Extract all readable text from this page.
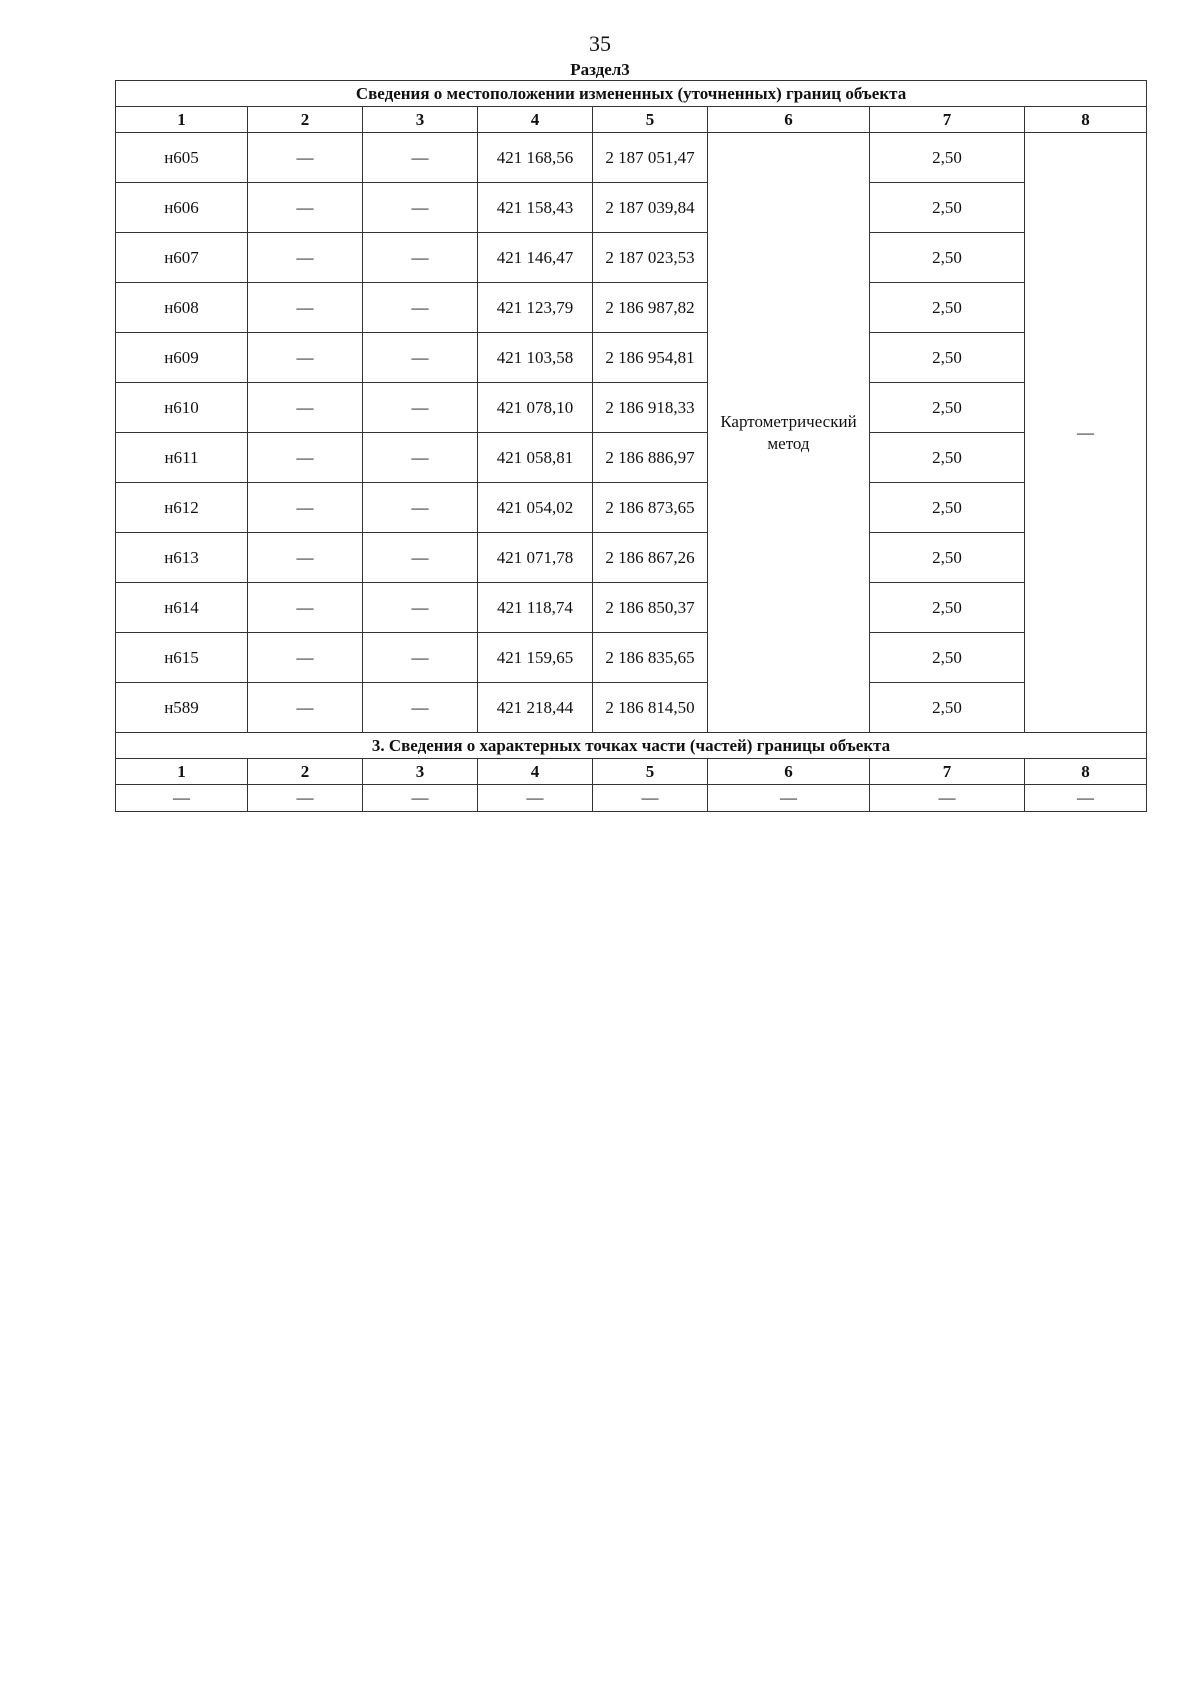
35
Раздел3
Сведения о местоположении измененных (уточненных) границ объекта							
1	2	3	4	5	6	7	8
н605	—	—	421 168,56	2 187 051,47	Картометрический метод	2,50	—
н606	—	—	421 158,43	2 187 039,84		2,50	
н607	—	—	421 146,47	2 187 023,53		2,50	
н608	—	—	421 123,79	2 186 987,82		2,50	
н609	—	—	421 103,58	2 186 954,81		2,50	
н610	—	—	421 078,10	2 186 918,33		2,50	
н611	—	—	421 058,81	2 186 886,97		2,50	
н612	—	—	421 054,02	2 186 873,65		2,50	
н613	—	—	421 071,78	2 186 867,26		2,50	
н614	—	—	421 118,74	2 186 850,37		2,50	
н615	—	—	421 159,65	2 186 835,65		2,50	
н589	—	—	421 218,44	2 186 814,50		2,50	
3. Сведения о характерных точках части (частей) границы объекта							
1	2	3	4	5	6	7	8
—	—	—	—	—	—	—	—
